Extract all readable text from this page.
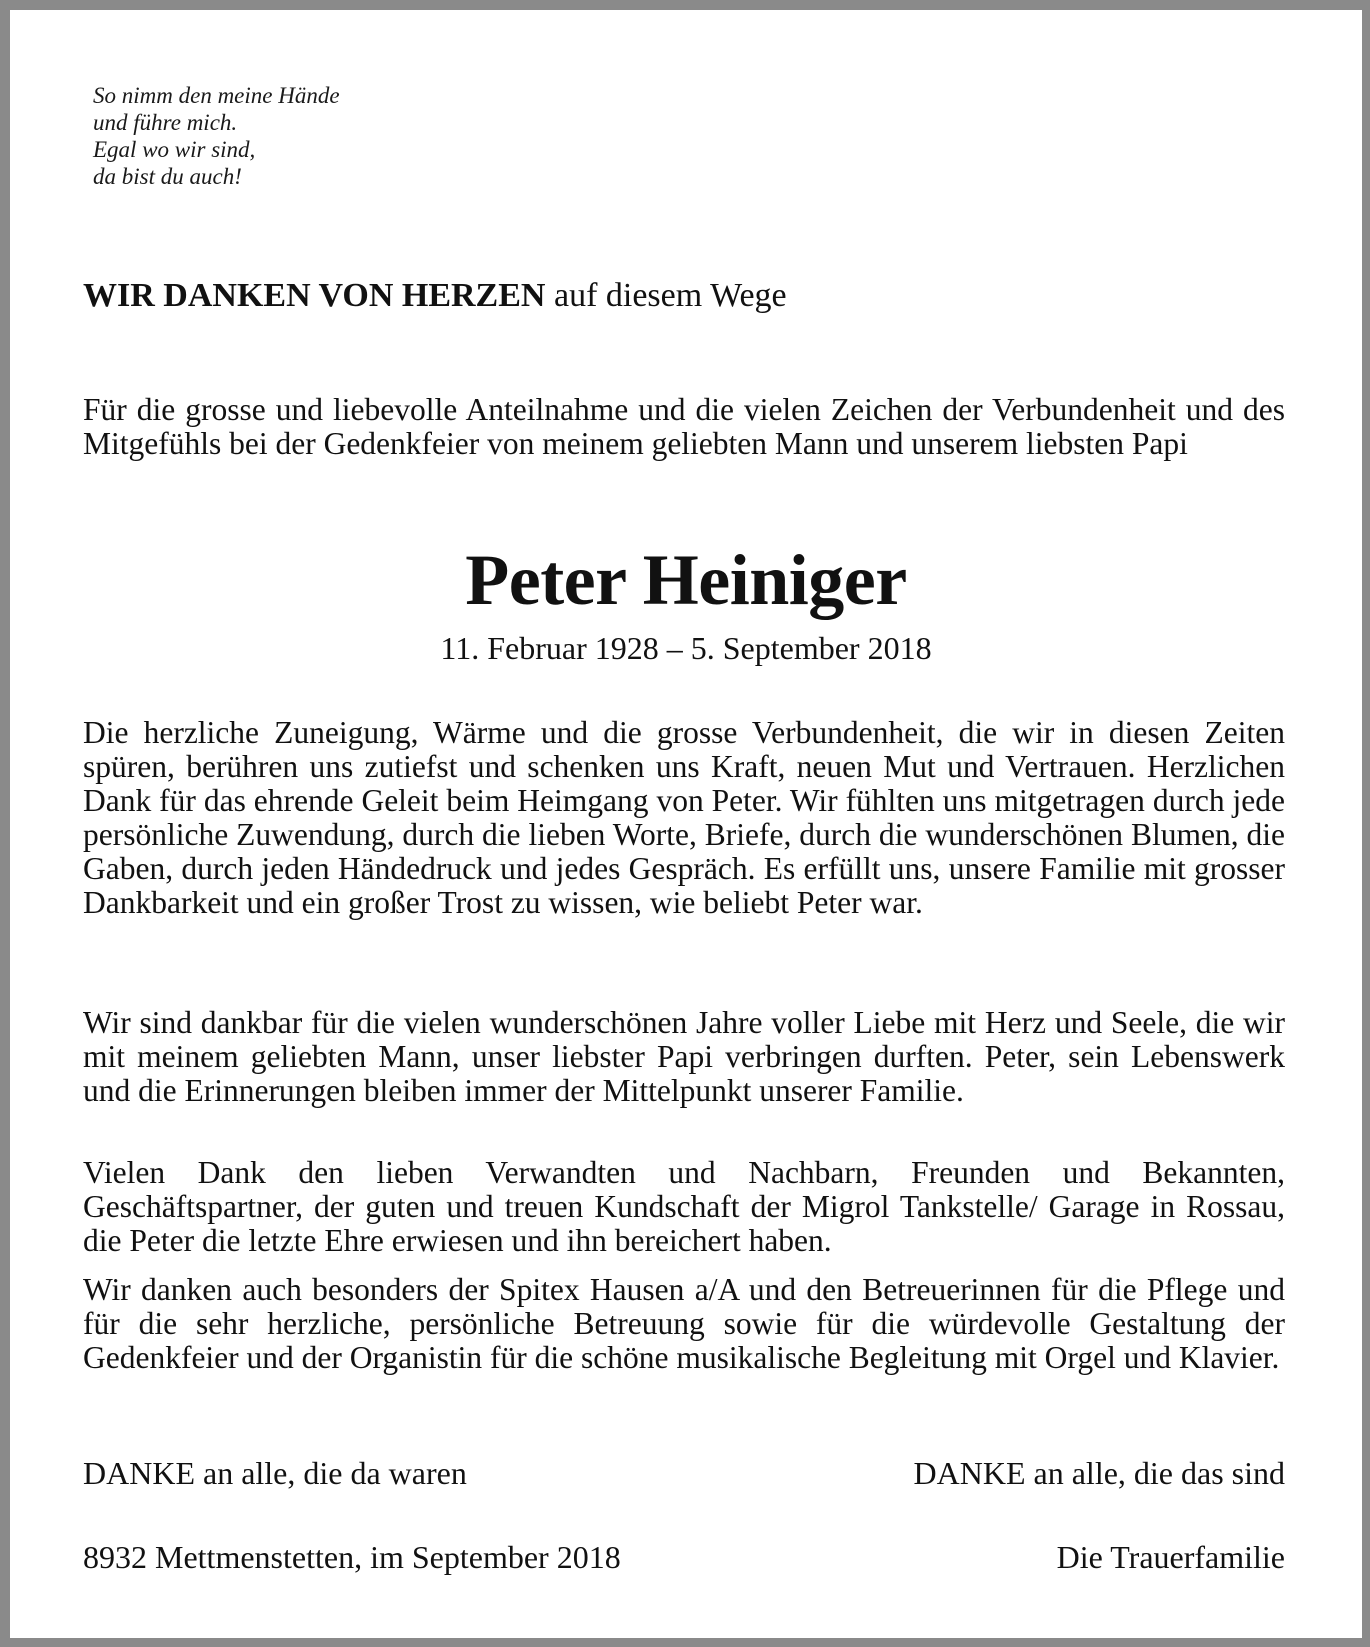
So nimm den meine Hände
und führe mich.
Egal wo wir sind,
da bist du auch!
WIR DANKEN VON HERZEN auf diesem Wege
Für die grosse und liebevolle Anteilnahme und die vielen Zeichen der Verbundenheit und des Mitgefühls bei der Gedenkfeier von meinem geliebten Mann und unserem liebsten Papi
Peter Heiniger
11. Februar 1928 – 5. September 2018
Die herzliche Zuneigung, Wärme und die grosse Verbundenheit, die wir in diesen Zeiten spüren, berühren uns zutiefst und schenken uns Kraft, neuen Mut und Vertrauen. Herzlichen Dank für das ehrende Geleit beim Heimgang von Peter. Wir fühlten uns mitgetragen durch jede persönliche Zuwendung, durch die lieben Worte, Briefe, durch die wunderschönen Blumen, die Gaben, durch jeden Händedruck und jedes Gespräch. Es erfüllt uns, unsere Familie mit grosser Dankbarkeit und ein großer Trost zu wissen, wie beliebt Peter war.
Wir sind dankbar für die vielen wunderschönen Jahre voller Liebe mit Herz und Seele, die wir mit meinem geliebten Mann, unser liebster Papi verbringen durften. Peter, sein Lebenswerk und die Erinnerungen bleiben immer der Mittelpunkt unserer Familie.
Vielen Dank den lieben Verwandten und Nachbarn, Freunden und Bekannten, Geschäftspartner, der guten und treuen Kundschaft der Migrol Tankstelle/ Garage in Rossau, die Peter die letzte Ehre erwiesen und ihn bereichert haben.
Wir danken auch besonders der Spitex Hausen a/A und den Betreuerinnen für die Pflege und für die sehr herzliche, persönliche Betreuung sowie für die würdevolle Gestaltung der Gedenkfeier und der Organistin für die schöne musikalische Begleitung mit Orgel und Klavier.
DANKE an alle, die da waren	DANKE an alle, die das sind
8932 Mettmenstetten, im September 2018	Die Trauerfamilie
